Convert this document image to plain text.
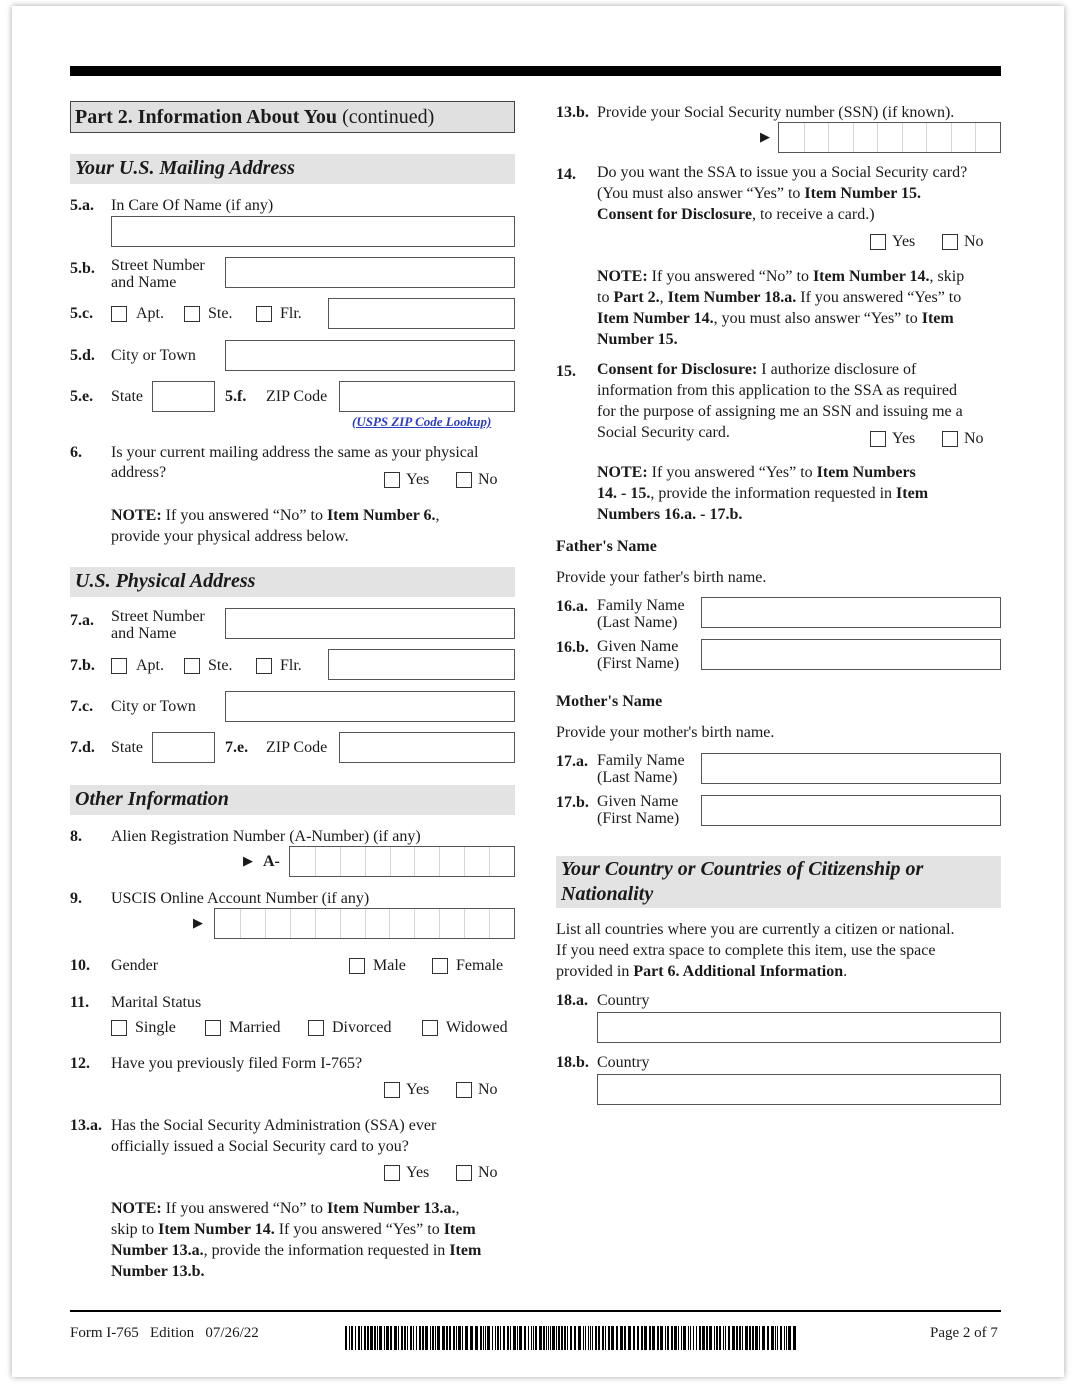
Part 2. Information About You (continued)
Your U.S. Mailing Address
5.a. In Care Of Name (if any)
5.b. Street Number
and Name
5.c.	Apt.	Ste.	Flr.
5.d. City or Town
5.e. State	5.f. ZIP Code
(USPS ZIP Code Lookup)
6. Is your current mailing address the same as your physical
address?	Yes	No
NOTE: If you answered “No” to Item Number 6.,
provide your physical address below.
U.S. Physical Address
7.a. Street Number
and Name
7.b.	Apt.	Ste.	Flr.
7.c. City or Town
7.d. State	7.e. ZIP Code
Other Information
8. Alien Registration Number (A-Number) (if any)
▶ A-
9. USCIS Online Account Number (if any)
▶
10. Gender	Male	Female
11. Marital Status
Single	Married	Divorced	Widowed
12. Have you previously filed Form I-765?
Yes	No
13.a. Has the Social Security Administration (SSA) ever
officially issued a Social Security card to you?
Yes	No
NOTE: If you answered “No” to Item Number 13.a.,
skip to Item Number 14. If you answered “Yes” to Item
Number 13.a., provide the information requested in Item
Number 13.b.
13.b. Provide your Social Security number (SSN) (if known).
▶
14. Do you want the SSA to issue you a Social Security card?
(You must also answer “Yes” to Item Number 15.
Consent for Disclosure, to receive a card.)
Yes	No
NOTE: If you answered “No” to Item Number 14., skip
to Part 2., Item Number 18.a. If you answered “Yes” to
Item Number 14., you must also answer “Yes” to Item
Number 15.
15. Consent for Disclosure: I authorize disclosure of
information from this application to the SSA as required
for the purpose of assigning me an SSN and issuing me a
Social Security card.	Yes	No
NOTE: If you answered “Yes” to Item Numbers
14. - 15., provide the information requested in Item
Numbers 16.a. - 17.b.
Father's Name
Provide your father's birth name.
16.a. Family Name
(Last Name)
16.b. Given Name
(First Name)
Mother's Name
Provide your mother's birth name.
17.a. Family Name
(Last Name)
17.b. Given Name
(First Name)
Your Country or Countries of Citizenship or
Nationality
List all countries where you are currently a citizen or national.
If you need extra space to complete this item, use the space
provided in Part 6. Additional Information.
18.a. Country
18.b. Country
Form I-765   Edition   07/26/22	Page 2 of 7
